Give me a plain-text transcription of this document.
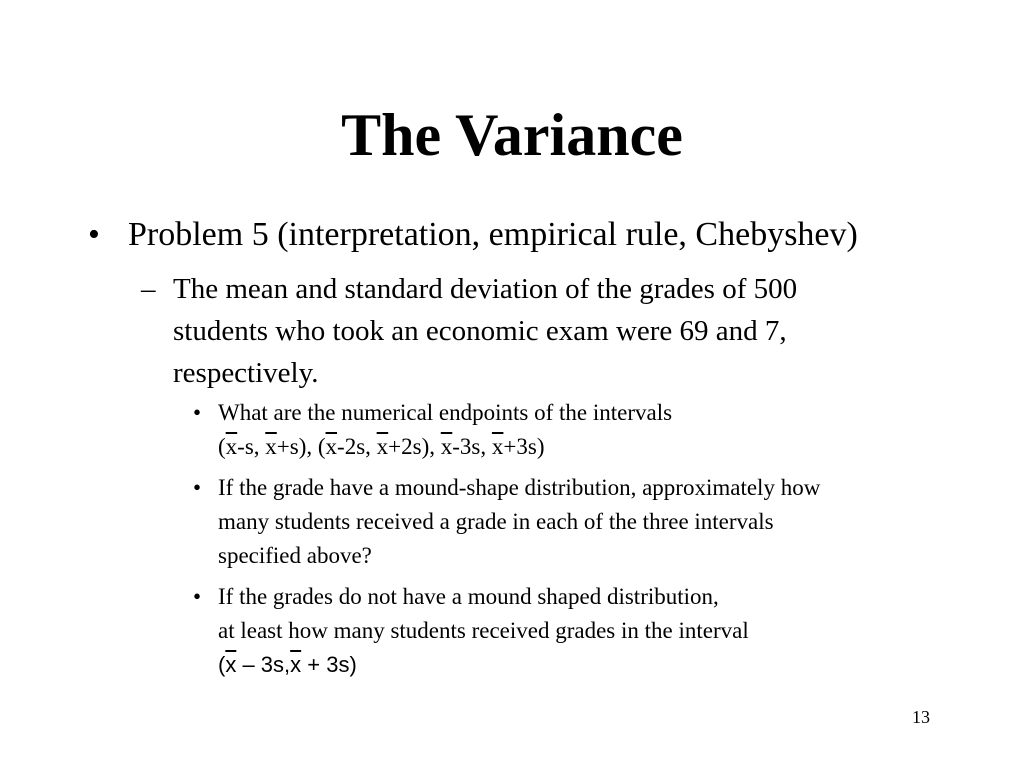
The Variance
• Problem 5 (interpretation, empirical rule, Chebyshev)
– The mean and standard deviation of the grades of 500
students who took an economic exam were 69 and 7,
respectively.
• What are the numerical endpoints of the intervals
($\overline{x}-s$, $\overline{x}+s$), ($\overline{x}-2s$, $\overline{x}+2s$), $\overline{x}-3s$, $\overline{x}+3s$)
• If the grade have a mound-shape distribution, approximately how
many students received a grade in each of the three intervals
specified above?
• If the grades do not have a mound shaped distribution,
at least how many students received grades in the interval
$(\overline{x} - 3s,\overline{x} + 3s)$
13
